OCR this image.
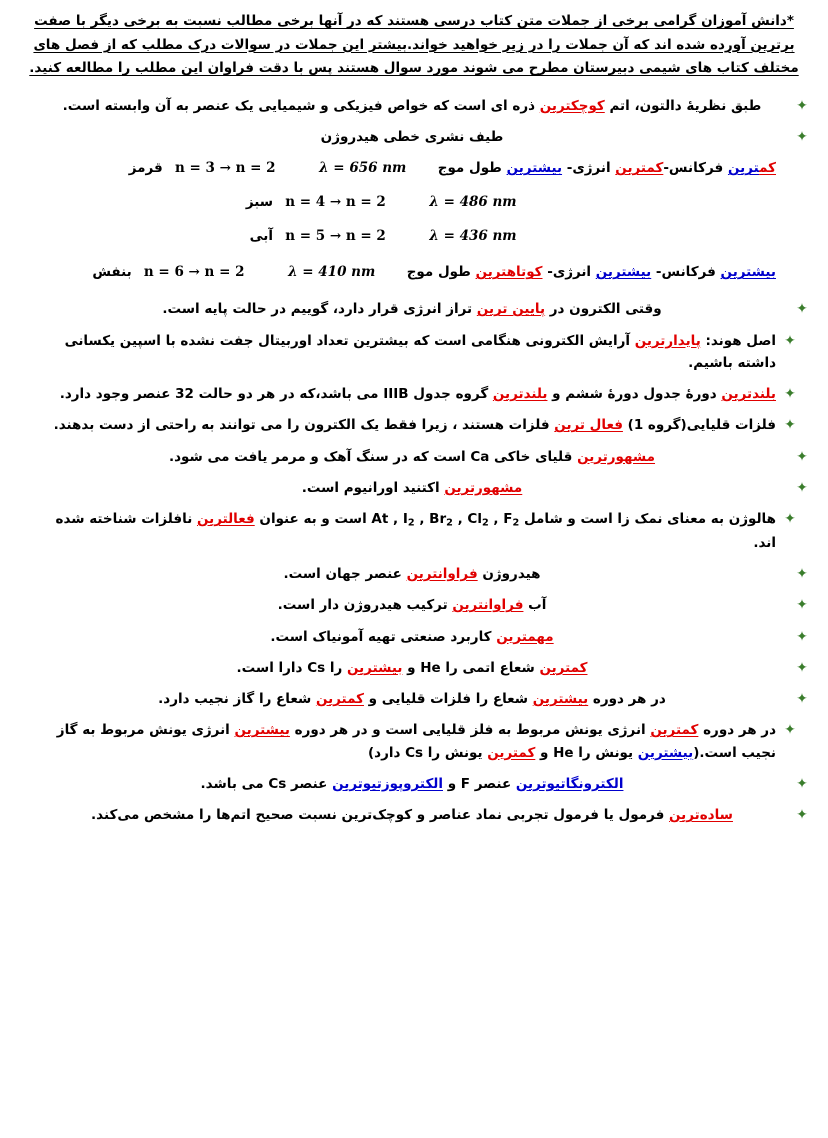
*دانش آموزان گرامی برخی از جملات متن کتاب درسی هستند که در آنها برخی مطالب نسبت به برخی دیگر با صفت
برترین آورده شده اند که آن جملات را در زیر خواهید خواند.بیشتر این جملات در سوالات درک مطلب که از فصل های
مختلف کتاب های شیمی دبیرستان مطرح می شوند مورد سوال هستند پس با دقت فراوان این مطلب را مطالعه کنید.
✦
طبق نظریهٔ دالتون، اتم کوچکترین ذره ای است که خواص فیزیکی و شیمیایی یک عنصر به آن وابسته است.
✦
طیف نشری خطی هیدروژن
کمترین فرکانس-کمترین انرژی- بیشترین طول موج
λ = 656 nm
n = 3 → n = 2
قرمز
λ = 486 nm
n = 4 → n = 2
سبز
λ = 436 nm
n = 5 → n = 2
آبی
بیشترین فرکانس- بیشترین انرژی- کوتاهترین طول موج
λ = 410 nm
n = 6 → n = 2
بنفش
✦
وقتی الکترون در پایین ترین تراز انرژی قرار دارد، گوییم در حالت پایه است.
✦
اصل هوند: پایدارترین آرایش الکترونی هنگامی است که بیشترین تعداد اوربیتال جفت نشده با اسپین یکسانی داشته باشیم.
✦
بلندترین دورهٔ جدول دورهٔ ششم و بلندترین گروه جدول IIIB می باشد،که در هر دو حالت 32 عنصر وجود دارد.
✦
فلزات قلیایی(گروه 1) فعال ترین فلزات هستند ، زیرا فقط یک الکترون را می توانند به راحتی از دست بدهند.
✦
مشهورترین قلیای خاکی Ca است که در سنگ آهک و مرمر یافت می شود.
✦
مشهورترین اکتنید اورانیوم است.
✦
هالوژن به معنای نمک زا است و شامل At , $I_2$ , $Br_2$ , $Cl_2$ , $F_2$ است و به عنوان فعالترین نافلزات شناخته شده اند.
✦
هیدروژن فراوانترین عنصر جهان است.
✦
آب فراوانترین ترکیب هیدروژن دار است.
✦
مهمترین کاربرد صنعتی تهیه آمونیاک است.
✦
کمترین شعاع اتمی را He و بیشترین را Cs دارا است.
✦
در هر دوره بیشترین شعاع را فلزات قلیایی و کمترین شعاع را گاز نجیب دارد.
✦
در هر دوره کمترین انرژی یونش مربوط به فلز قلیایی است و در هر دوره بیشترین انرژی یونش مربوط به گاز نجیب است.(بیشترین یونش را He و کمترین یونش را Cs دارد)
✦
الکترونگاتیوترین عنصر F و الکتروپوزتیوترین عنصر Cs می باشد.
✦
ساده‌ترین فرمول یا فرمول تجربی نماد عناصر و کوچک‌ترین نسبت صحیح اتم‌ها را مشخص می‌کند.
